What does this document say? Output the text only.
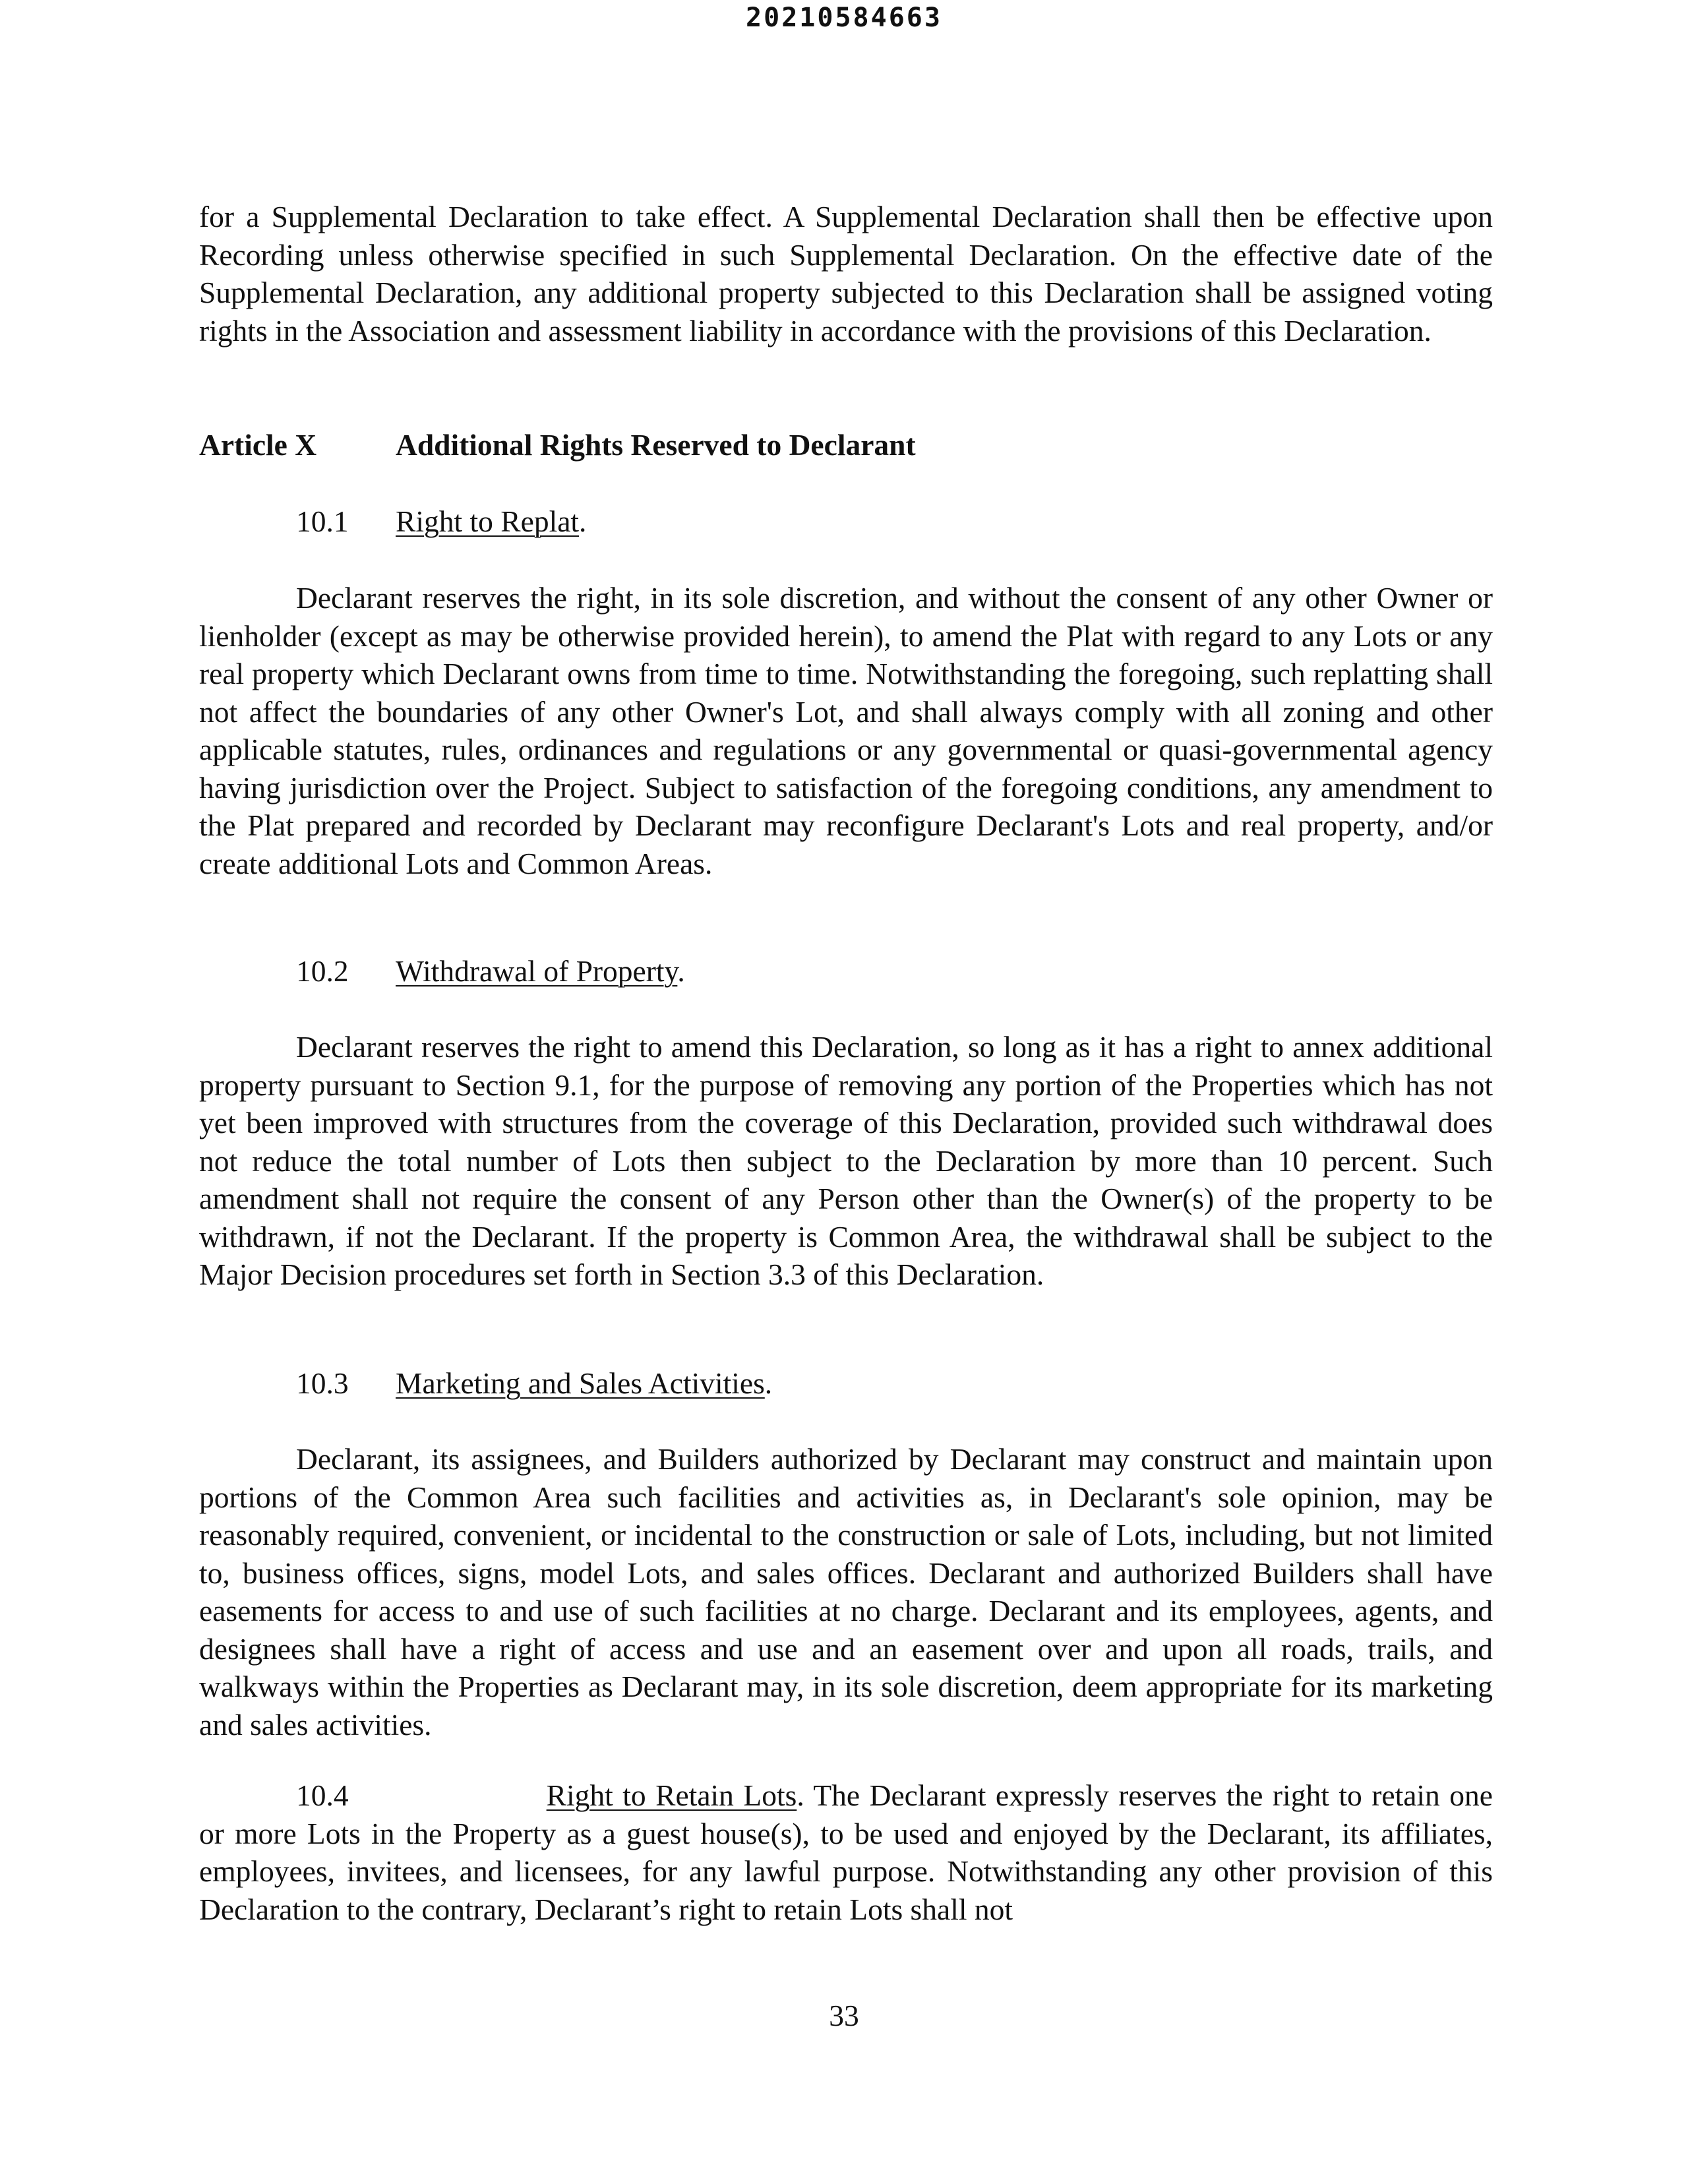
20210584663

for a Supplemental Declaration to take effect. A Supplemental Declaration shall then be effective upon Recording unless otherwise specified in such Supplemental Declaration. On the effective date of the Supplemental Declaration, any additional property subjected to this Declaration shall be assigned voting rights in the Association and assessment liability in accordance with the provisions of this Declaration.

Article X	Additional Rights Reserved to Declarant
10.1 Right to Replat.

Declarant reserves the right, in its sole discretion, and without the consent of any other Owner or lienholder (except as may be otherwise provided herein), to amend the Plat with regard to any Lots or any real property which Declarant owns from time to time. Notwithstanding the foregoing, such replatting shall not affect the boundaries of any other Owner's Lot, and shall always comply with all zoning and other applicable statutes, rules, ordinances and regulations or any governmental or quasi-governmental agency having jurisdiction over the Project. Subject to satisfaction of the foregoing conditions, any amendment to the Plat prepared and recorded by Declarant may reconfigure Declarant's Lots and real property, and/or create additional Lots and Common Areas.

10.2 Withdrawal of Property.

Declarant reserves the right to amend this Declaration, so long as it has a right to annex additional property pursuant to Section 9.1, for the purpose of removing any portion of the Properties which has not yet been improved with structures from the coverage of this Declaration, provided such withdrawal does not reduce the total number of Lots then subject to the Declaration by more than 10 percent. Such amendment shall not require the consent of any Person other than the Owner(s) of the property to be withdrawn, if not the Declarant. If the property is Common Area, the withdrawal shall be subject to the Major Decision procedures set forth in Section 3.3 of this Declaration.

10.3 Marketing and Sales Activities.

Declarant, its assignees, and Builders authorized by Declarant may construct and maintain upon portions of the Common Area such facilities and activities as, in Declarant's sole opinion, may be reasonably required, convenient, or incidental to the construction or sale of Lots, including, but not limited to, business offices, signs, model Lots, and sales offices. Declarant and authorized Builders shall have easements for access to and use of such facilities at no charge. Declarant and its employees, agents, and designees shall have a right of access and use and an easement over and upon all roads, trails, and walkways within the Properties as Declarant may, in its sole discretion, deem appropriate for its marketing and sales activities.

10.4	Right to Retain Lots. The Declarant expressly reserves the right to retain one or more Lots in the Property as a guest house(s), to be used and enjoyed by the Declarant, its affiliates, employees, invitees, and licensees, for any lawful purpose. Notwithstanding any other provision of this Declaration to the contrary, Declarant’s right to retain Lots shall not

33
